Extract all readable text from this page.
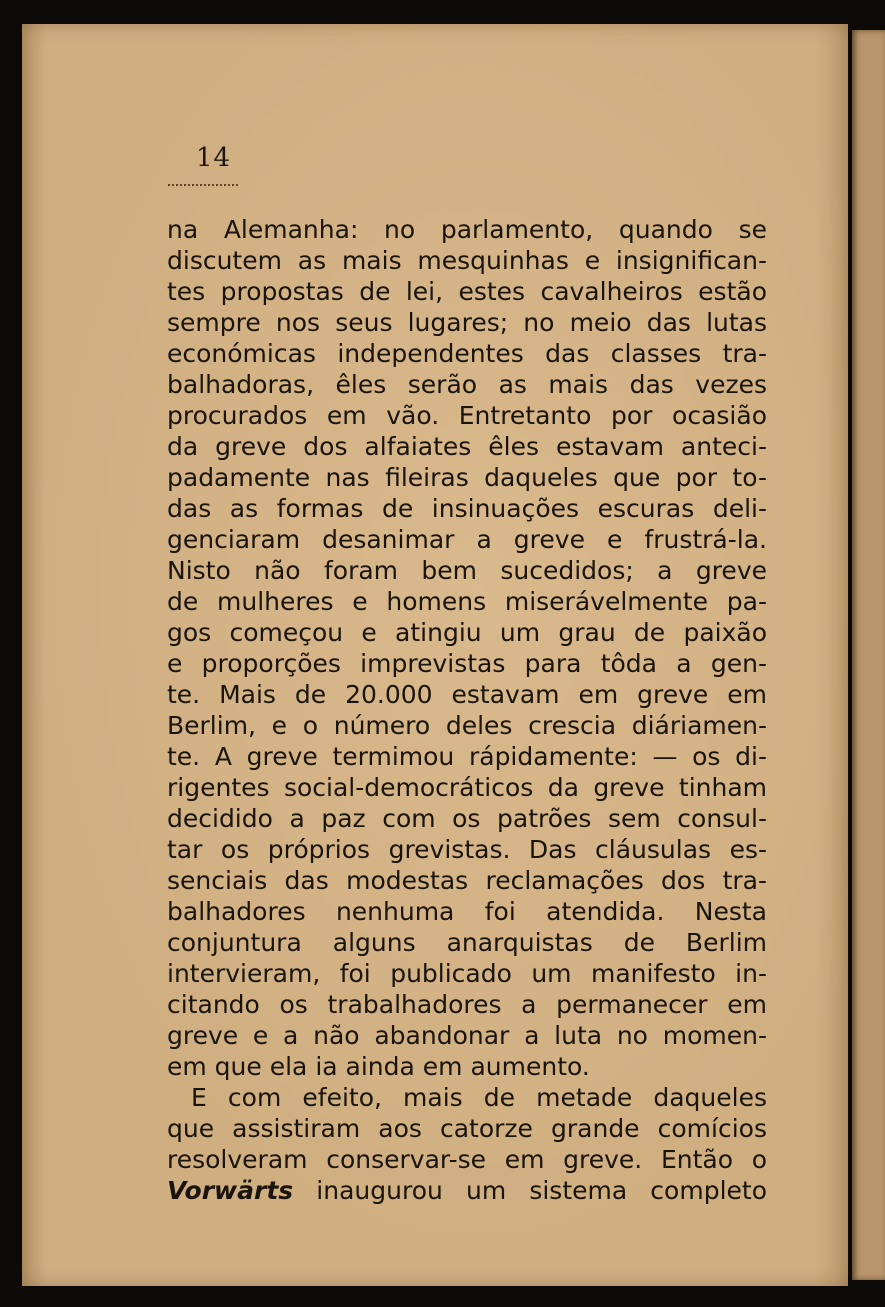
14
na Alemanha: no parlamento, quando se
discutem as mais mesquinhas e insignifican-
tes propostas de lei, estes cavalheiros estão
sempre nos seus lugares; no meio das lutas
económicas independentes das classes tra-
balhadoras, êles serão as mais das vezes
procurados em vão. Entretanto por ocasião
da greve dos alfaiates êles estavam anteci-
padamente nas fileiras daqueles que por to-
das as formas de insinuações escuras deli-
genciaram desanimar a greve e frustrá-la.
Nisto não foram bem sucedidos; a greve
de mulheres e homens miserávelmente pa-
gos começou e atingiu um grau de paixão
e proporções imprevistas para tôda a gen-
te. Mais de 20.000 estavam em greve em
Berlim, e o número deles crescia diáriamen-
te. A greve termimou rápidamente: — os di-
rigentes social-democráticos da greve tinham
decidido a paz com os patrões sem consul-
tar os próprios grevistas. Das cláusulas es-
senciais das modestas reclamações dos tra-
balhadores nenhuma foi atendida. Nesta
conjuntura alguns anarquistas de Berlim
intervieram, foi publicado um manifesto in-
citando os trabalhadores a permanecer em
greve e a não abandonar a luta no momen-
em que ela ia ainda em aumento.
E com efeito, mais de metade daqueles
que assistiram aos catorze grande comícios
resolveram conservar-se em greve. Então o
Vorwärts inaugurou um sistema completo
